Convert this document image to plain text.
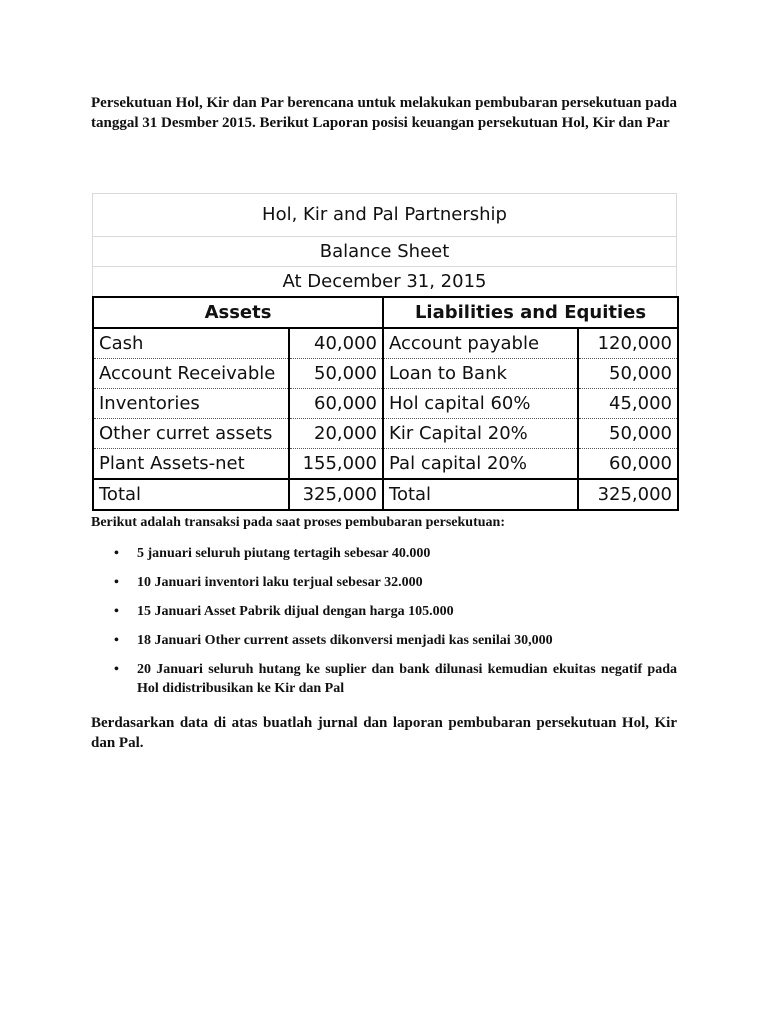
Persekutuan Hol, Kir dan Par berencana untuk melakukan pembubaran persekutuan pada tanggal 31 Desmber 2015. Berikut Laporan posisi keuangan persekutuan Hol, Kir dan Par

Hol, Kir and Pal Partnership
Balance Sheet
At December 31, 2015
Assets		Liabilities and Equities	
Cash	40,000	Account payable	120,000
Account Receivable	50,000	Loan to Bank	50,000
Inventories	60,000	Hol capital 60%	45,000
Other curret assets	20,000	Kir Capital 20%	50,000
Plant Assets-net	155,000	Pal capital 20%	60,000
Total	325,000	Total	325,000

Berikut adalah transaksi pada saat proses pembubaran persekutuan:

• 5 januari seluruh piutang tertagih sebesar 40.000
• 10 Januari inventori laku terjual sebesar 32.000
• 15 Januari Asset Pabrik dijual dengan harga 105.000
• 18 Januari Other current assets dikonversi menjadi kas senilai 30,000
• 20 Januari seluruh hutang ke suplier dan bank dilunasi kemudian ekuitas negatif pada Hol didistribusikan ke Kir dan Pal

Berdasarkan data di atas buatlah jurnal dan laporan pembubaran persekutuan Hol, Kir dan Pal.
